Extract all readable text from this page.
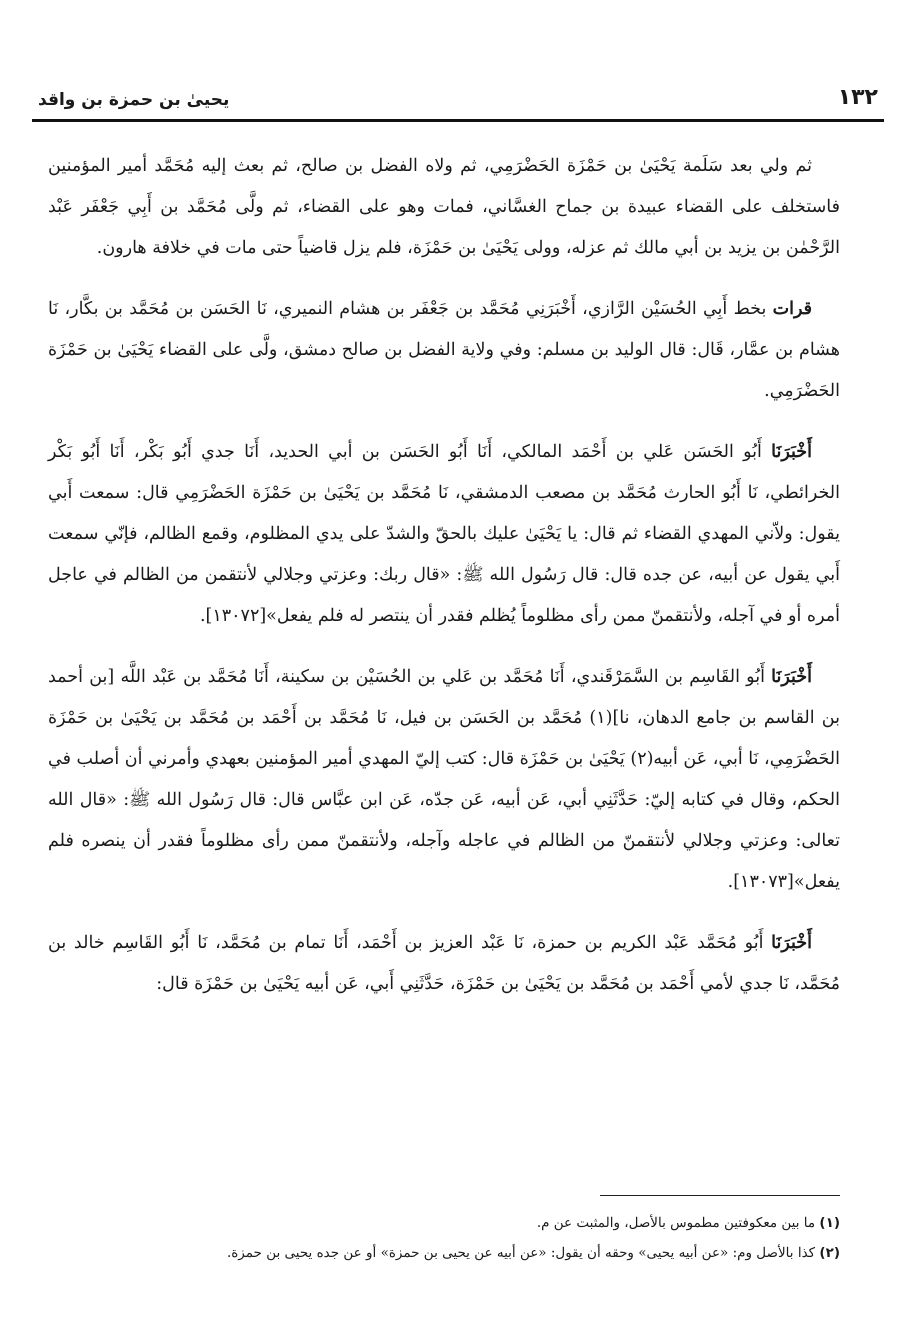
١٣٢
يحيىٰ بن حمزة بن واقد

ثم ولي بعد سَلَمة يَحْيَىٰ بن حَمْزَة الحَضْرَمِي، ثم ولاه الفضل بن صالح، ثم بعث إليه مُحَمَّد أمير المؤمنين فاستخلف على القضاء عبيدة بن جماح الغسَّاني، فمات وهو على القضاء، ثم ولَّى مُحَمَّد بن أَبِي جَعْفَر عَبْد الرَّحْمٰن بن يزيد بن أبي مالك ثم عزله، وولى يَحْيَىٰ بن حَمْزَة، فلم يزل قاضياً حتى مات في خلافة هارون.

قرات بخط أَبِي الحُسَيْن الرَّازي، أَخْبَرَنِي مُحَمَّد بن جَعْفَر بن هشام النميري، نَا الحَسَن بن مُحَمَّد بن بكَّار، نَا هشام بن عمَّار، قَال: قال الوليد بن مسلم: وفي ولاية الفضل بن صالح دمشق، ولَّى على القضاء يَحْيَىٰ بن حَمْزَة الحَضْرَمِي.

أَخْبَرَنَا أَبُو الحَسَن عَلي بن أَحْمَد المالكي، أَنَا أَبُو الحَسَن بن أبي الحديد، أَنَا جدي أَبُو بَكْر، أَنَا أَبُو بَكْر الخرائطي، نَا أَبُو الحارث مُحَمَّد بن مصعب الدمشقي، نَا مُحَمَّد بن يَحْيَىٰ بن حَمْزَة الحَضْرَمِي قال: سمعت أَبي يقول: ولاّني المهدي القضاء ثم قال: يا يَحْيَىٰ عليك بالحقّ والشدّ على يدي المظلوم، وقمع الظالم، فإنّي سمعت أَبي يقول عن أبيه، عن جده قال: قال رَسُول الله ﷺ: «قال ربك: وعزتي وجلالي لأنتقمن من الظالم في عاجل أمره أو في آجله، ولأنتقمنّ ممن رأى مظلوماً يُظلم فقدر أن ينتصر له فلم يفعل»[١٣٠٧٢].

أَخْبَرَنَا أَبُو القَاسِم بن السَّمَرْقَندي، أَنَا مُحَمَّد بن عَلي بن الحُسَيْن بن سكينة، أَنَا مُحَمَّد بن عَبْد اللَّه [بن أحمد بن القاسم بن جامع الدهان، نا](١) مُحَمَّد بن الحَسَن بن فيل، نَا مُحَمَّد بن أَحْمَد بن مُحَمَّد بن يَحْيَىٰ بن حَمْزَة الحَضْرَمِي، نَا أبي، عَن أبيه(٢) يَحْيَىٰ بن حَمْزَة قال: كتب إليّ المهدي أمير المؤمنين بعهدي وأمرني أن أصلب في الحكم، وقال في كتابه إليّ: حَدَّثَنِي أبي، عَن أبيه، عَن جدّه، عَن ابن عبَّاس قال: قال رَسُول الله ﷺ: «قال الله تعالى: وعزتي وجلالي لأنتقمنّ من الظالم في عاجله وآجله، ولأنتقمنّ ممن رأى مظلوماً فقدر أن ينصره فلم يفعل»[١٣٠٧٣].

أَخْبَرَنَا أَبُو مُحَمَّد عَبْد الكريم بن حمزة، نَا عَبْد العزيز بن أَحْمَد، أَنَا تمام بن مُحَمَّد، نَا أَبُو القَاسِم خالد بن مُحَمَّد، نَا جدي لأمي أَحْمَد بن مُحَمَّد بن يَحْيَىٰ بن حَمْزَة، حَدَّثَنِي أَبي، عَن أبيه يَحْيَىٰ بن حَمْزَة قال:

(١) ما بين معكوفتين مطموس بالأصل، والمثبت عن م.

(٢) كذا بالأصل وم: «عن أبيه يحيى» وحقه أن يقول: «عن أبيه عن يحيى بن حمزة» أو عن جده يحيى بن حمزة.
